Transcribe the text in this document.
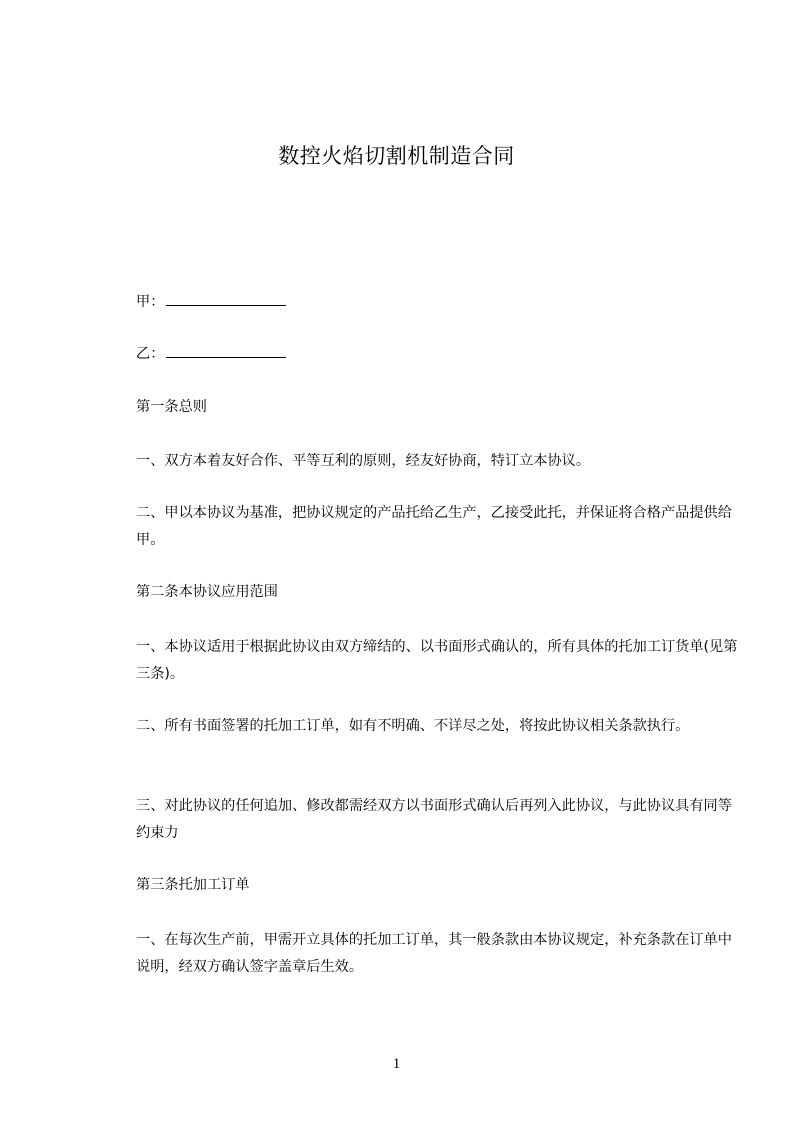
数控火焰切割机制造合同
甲：
乙：
第一条总则
一、双方本着友好合作、平等互利的原则，经友好协商，特订立本协议。
二、甲以本协议为基准，把协议规定的产品托给乙生产，乙接受此托，并保证将合格产品提供给甲。
第二条本协议应用范围
一、本协议适用于根据此协议由双方缔结的、以书面形式确认的，所有具体的托加工订货单(见第三条)。
二、所有书面签署的托加工订单，如有不明确、不详尽之处，将按此协议相关条款执行。
三、对此协议的任何追加、修改都需经双方以书面形式确认后再列入此协议，与此协议具有同等约束力
第三条托加工订单
一、在每次生产前，甲需开立具体的托加工订单，其一般条款由本协议规定，补充条款在订单中说明，经双方确认签字盖章后生效。
1
